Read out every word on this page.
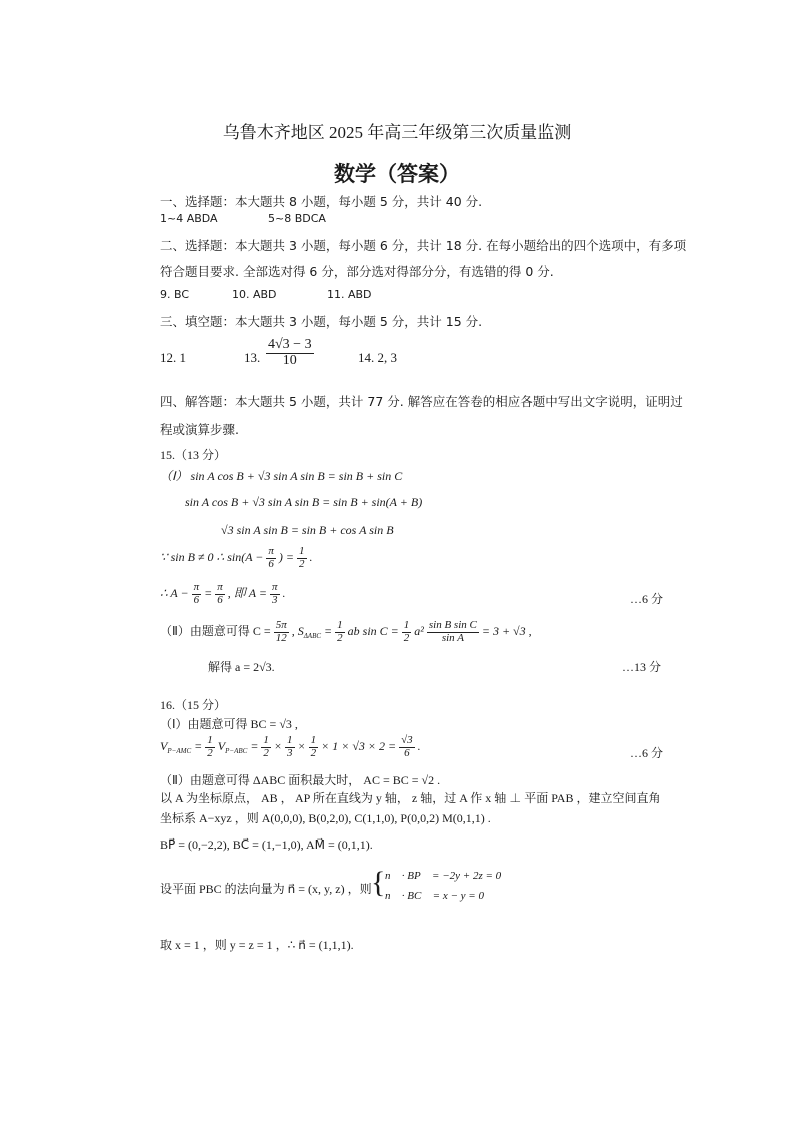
乌鲁木齐地区 2025 年高三年级第三次质量监测
数学（答案）
一、选择题：本大题共 8 小题，每小题 5 分，共计 40 分.
1~4 ABDA	5~8 BDCA
二、选择题：本大题共 3 小题，每小题 6 分，共计 18 分. 在每小题给出的四个选项中，有多项
符合题目要求. 全部选对得 6 分，部分选对得部分分，有选错的得 0 分.
9. BC	10. ABD	11. ABD
三、填空题：本大题共 3 小题，每小题 5 分，共计 15 分.
12. 1	13. $\frac{4√3 - 3}{10}$	14. 2, 3
四、解答题：本大题共 5 小题，共计 77 分. 解答应在答卷的相应各题中写出文字说明，证明过
程或演算步骤.
15.（13 分）
（Ⅰ） sin A cos B + √3 sin A sin B = sin B + sin C
sin A cos B + √3 sin A sin B = sin B + sin(A + B)
√3 sin A sin B = sin B + cos A sin B
∵ sin B ≠ 0 ∴ $\sin(A - \frac{\pi}{6}$ ) = $\frac{1}{2}$ .
∴ $A - \frac{\pi}{6} = \frac{\pi}{6}$ , 即 $A = \frac{\pi}{3}$ .	…6 分
（Ⅱ）由题意可得 $C = \frac{5\pi}{12}$ , $S_{\Delta ABC} = \frac{1}{2}$ ab $\sin C = \frac{1}{2} a^2 \frac{\text{sin B sin C}}{\text{sin A}} = 3 + √3$ ,
解得 a = 2√3.	…13 分
16.（15 分）
（Ⅰ）由题意可得 BC = √3 ,
$V_{P-AMC} = \frac{1}{2} V_{P-ABC} = \frac{1}{2} \times \frac{1}{3} \times \frac{1}{2} \times 1 \times √3 \times 2 = \frac{√3}{6}$ .
…6 分
（Ⅱ）由题意可得 ΔABC 面积最大时， AC = BC = √2 .
以 A 为坐标原点， AB ， AP 所在直线为 y 轴， z 轴，过 A 作 x 轴 ⊥ 平面 PAB ，建立空间直角
坐标系 A−xyz ，则 A(0,0,0), B(0,2,0), C(1,1,0), P(0,0,2) M(0,1,1) .
BP⃗ = (0,−2,2), BC⃗ = (1,−1,0), AM⃗ = (0,1,1).
设平面 PBC 的法向量为 n⃗ = (x, y, z) ，则 { n⃗ · BP⃗ = −2y + 2z = 0
n⃗ · BC⃗ = x − y = 0
取 x = 1 ，则 y = z = 1 ，∴ n⃗ = (1,1,1).
